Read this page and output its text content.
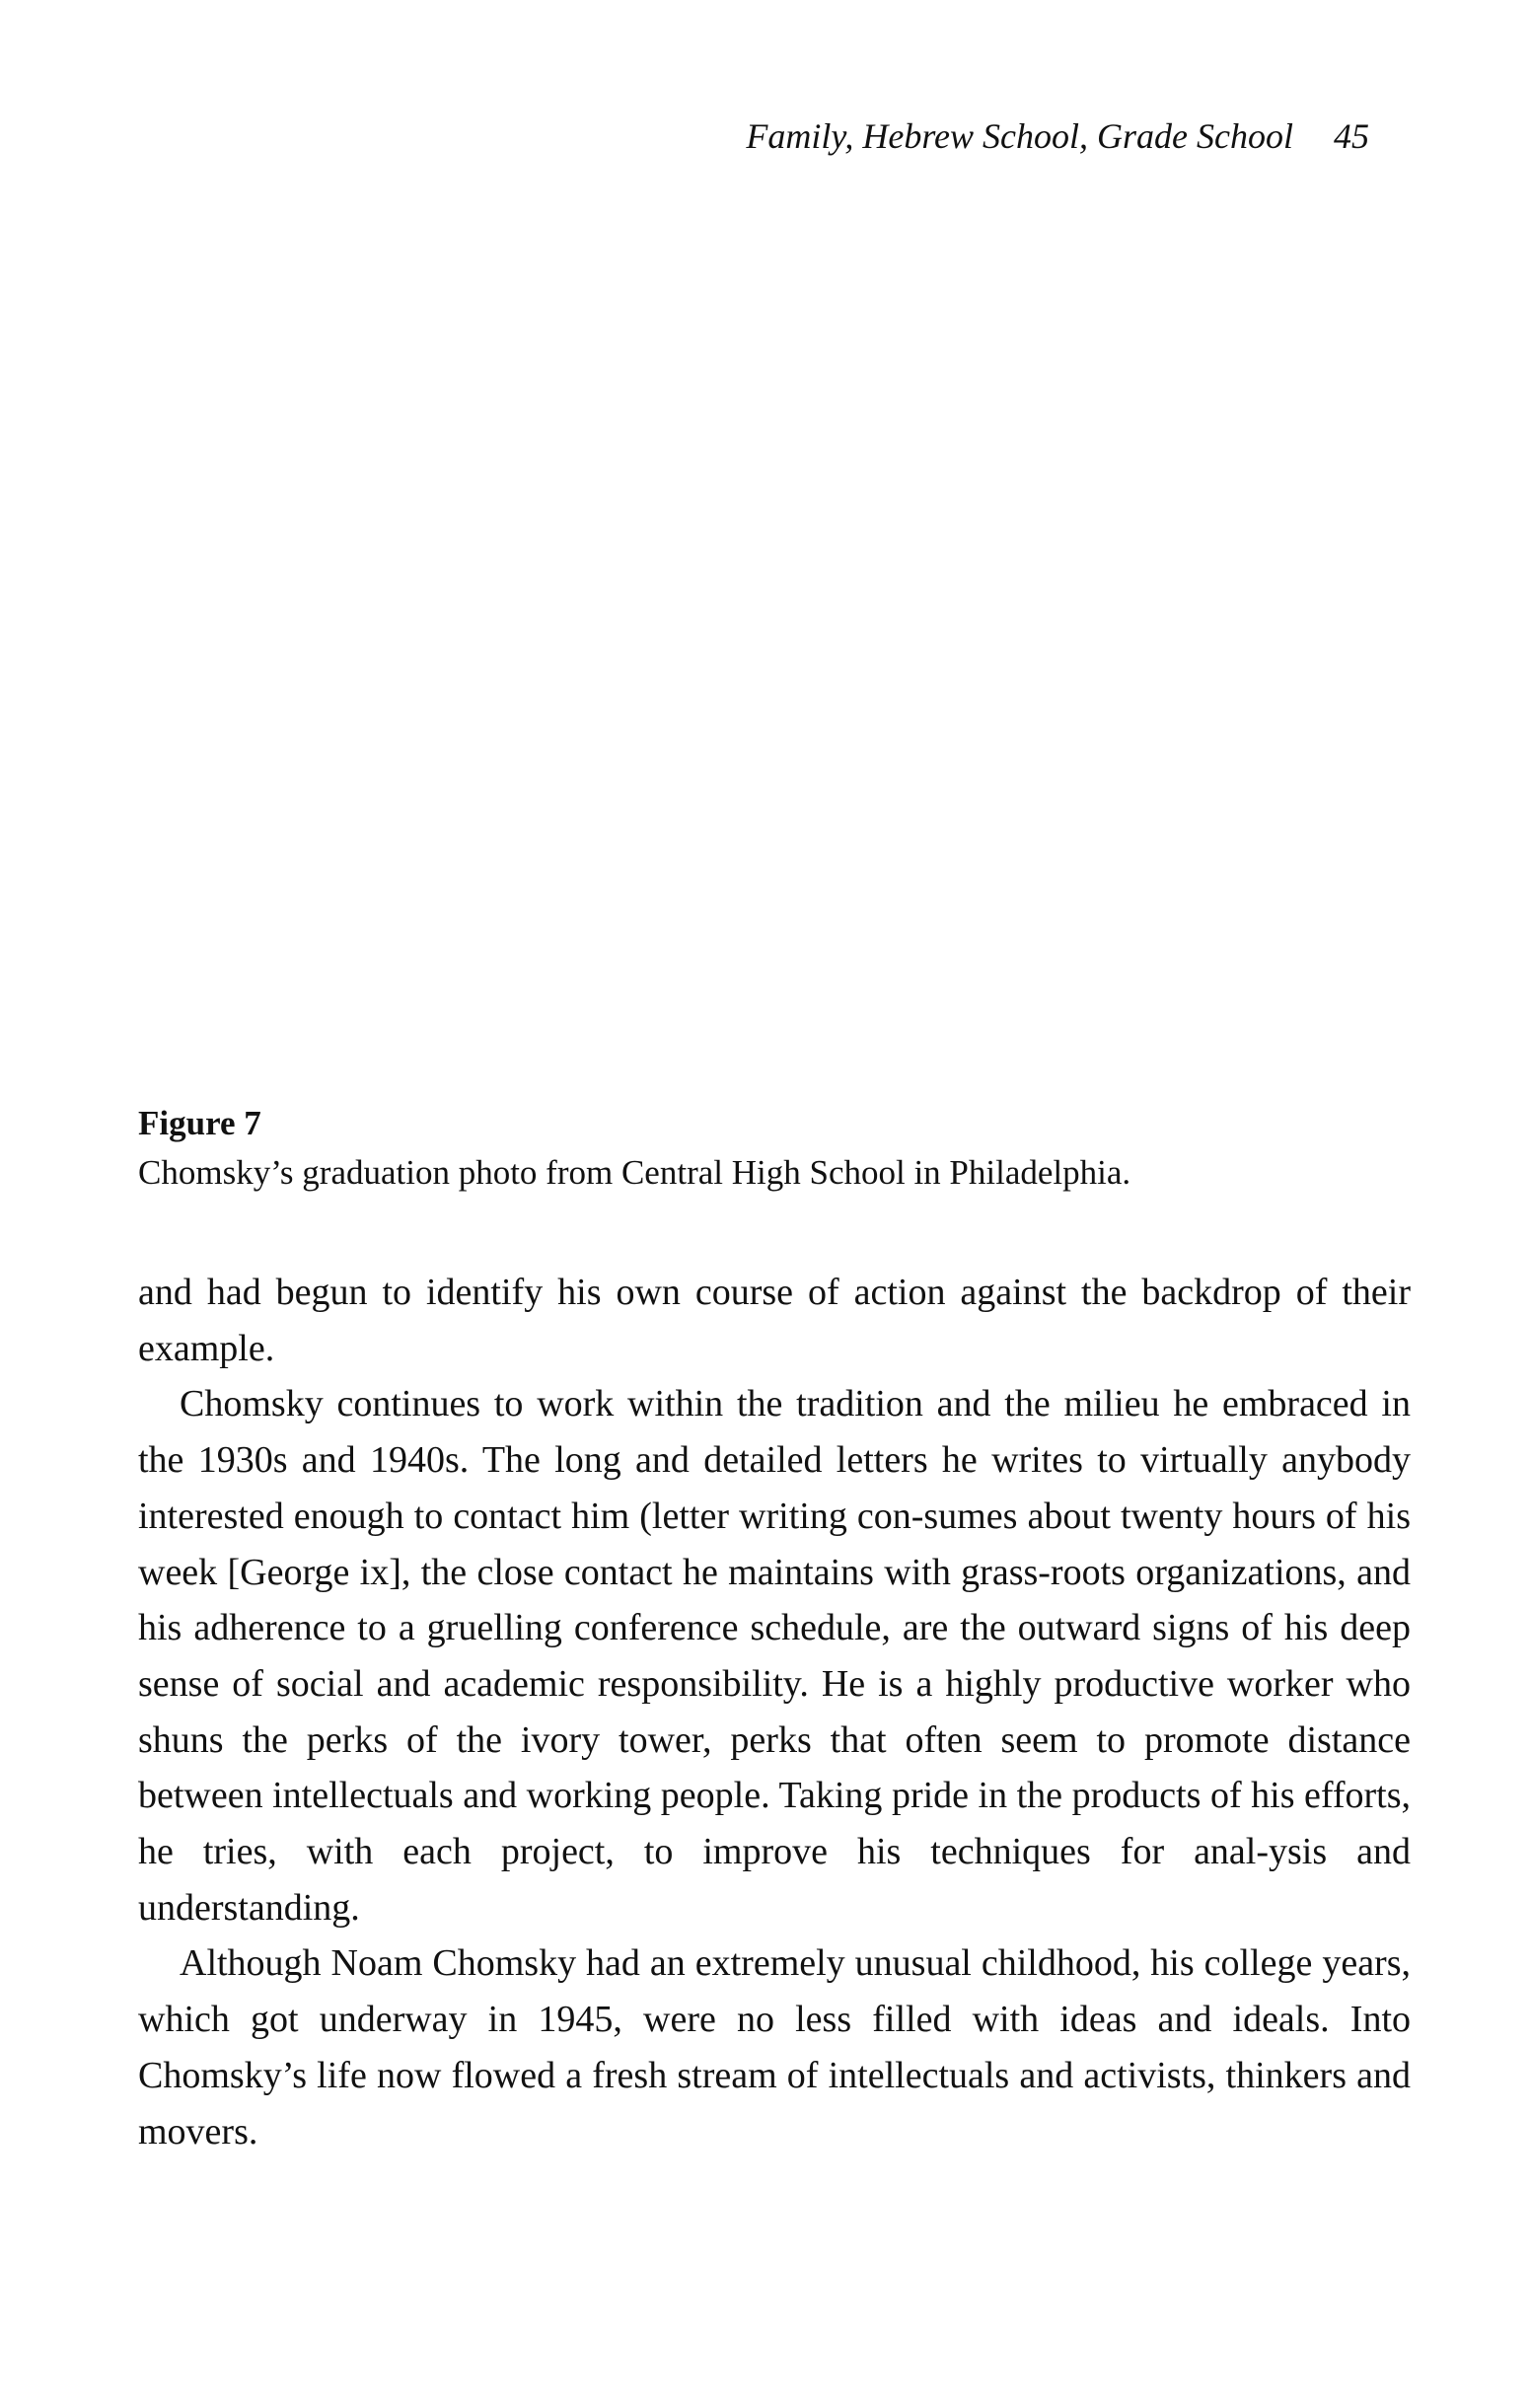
Family, Hebrew School, Grade School 45
Figure 7
Chomsky’s graduation photo from Central High School in Philadelphia.

and had begun to identify his own course of action against the backdrop of their example.

Chomsky continues to work within the tradition and the milieu he embraced in the 1930s and 1940s. The long and detailed letters he writes to virtually anybody interested enough to contact him (letter writing con-sumes about twenty hours of his week [George ix], the close contact he maintains with grass-roots organizations, and his adherence to a gruelling conference schedule, are the outward signs of his deep sense of social and academic responsibility. He is a highly productive worker who shuns the perks of the ivory tower, perks that often seem to promote distance between intellectuals and working people. Taking pride in the products of his efforts, he tries, with each project, to improve his techniques for anal-ysis and understanding.

Although Noam Chomsky had an extremely unusual childhood, his college years, which got underway in 1945, were no less filled with ideas and ideals. Into Chomsky’s life now flowed a fresh stream of intellectuals and activists, thinkers and movers.
